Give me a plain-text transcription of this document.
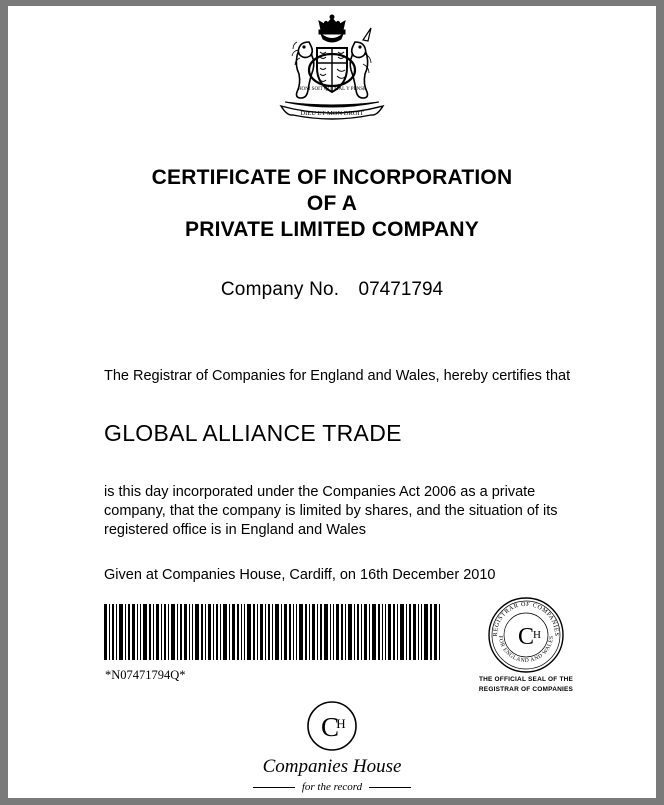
DIEU ET MON DROIT
HONI SOIT QUI MAL Y PENSE
CERTIFICATE OF INCORPORATION
OF A
PRIVATE LIMITED COMPANY
Company No. 07471794
The Registrar of Companies for England and Wales, hereby certifies that
GLOBAL ALLIANCE TRADE
is this day incorporated under the Companies Act 2006 as a private company, that the company is limited by shares, and the situation of its registered office is in England and Wales
Given at Companies House, Cardiff, on 16th December 2010
*N07471794Q*
REGISTRAR OF COMPANIES
FOR ENGLAND AND WALES
C H
THE OFFICIAL SEAL OF THE
REGISTRAR OF COMPANIES
C
H
Companies House
for the record
